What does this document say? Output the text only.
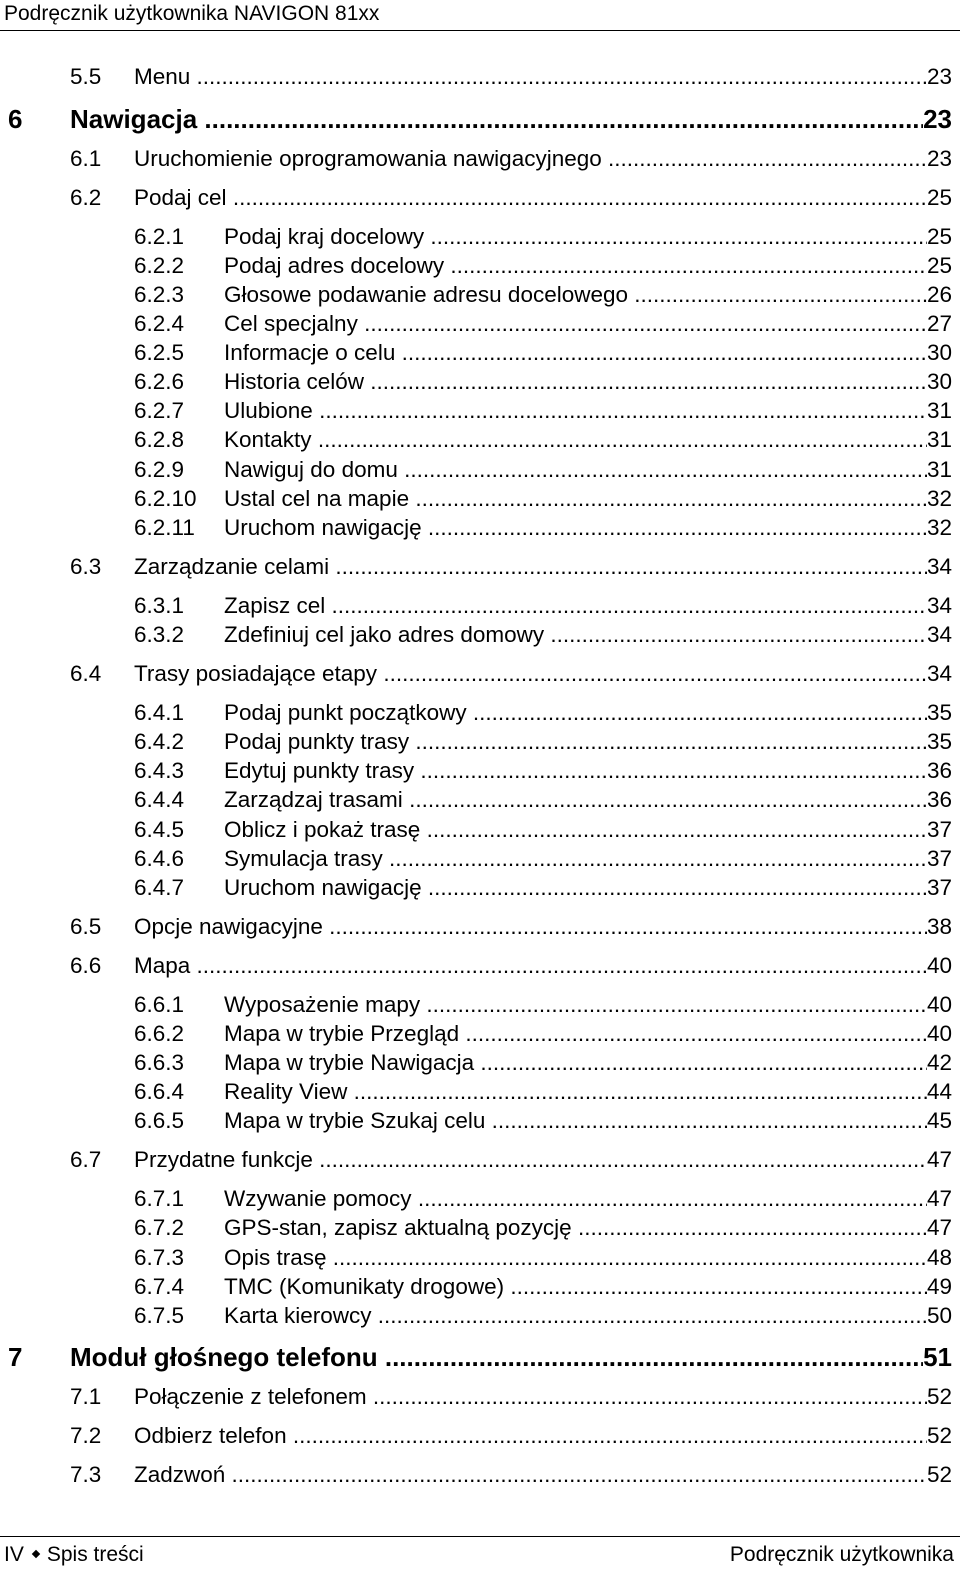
Podręcznik użytkownika NAVIGON 81xx
5.5 Menu .....	23
6 Nawigacja .....	23
6.1 Uruchomienie oprogramowania nawigacyjnego .....	23
6.2 Podaj cel .....	25
6.2.1 Podaj kraj docelowy .....	25
6.2.2 Podaj adres docelowy .....	25
6.2.3 Głosowe podawanie adresu docelowego .....	26
6.2.4 Cel specjalny .....	27
6.2.5 Informacje o celu .....	30
6.2.6 Historia celów .....	30
6.2.7 Ulubione .....	31
6.2.8 Kontakty .....	31
6.2.9 Nawiguj do domu .....	31
6.2.10 Ustal cel na mapie .....	32
6.2.11 Uruchom nawigację .....	32
6.3 Zarządzanie celami .....	34
6.3.1 Zapisz cel .....	34
6.3.2 Zdefiniuj cel jako adres domowy .....	34
6.4 Trasy posiadające etapy .....	34
6.4.1 Podaj punkt początkowy .....	35
6.4.2 Podaj punkty trasy .....	35
6.4.3 Edytuj punkty trasy .....	36
6.4.4 Zarządzaj trasami .....	36
6.4.5 Oblicz i pokaż trasę .....	37
6.4.6 Symulacja trasy .....	37
6.4.7 Uruchom nawigację .....	37
6.5 Opcje nawigacyjne .....	38
6.6 Mapa .....	40
6.6.1 Wyposażenie mapy .....	40
6.6.2 Mapa w trybie Przegląd .....	40
6.6.3 Mapa w trybie Nawigacja .....	42
6.6.4 Reality View .....	44
6.6.5 Mapa w trybie Szukaj celu .....	45
6.7 Przydatne funkcje .....	47
6.7.1 Wzywanie pomocy .....	47
6.7.2 GPS-stan, zapisz aktualną pozycję .....	47
6.7.3 Opis trasę .....	48
6.7.4 TMC (Komunikaty drogowe) .....	49
6.7.5 Karta kierowcy .....	50
7 Moduł głośnego telefonu .....	51
7.1 Połączenie z telefonem .....	52
7.2 Odbierz telefon .....	52
7.3 Zadzwoń .....	52
IV Spis treści	Podręcznik użytkownika
